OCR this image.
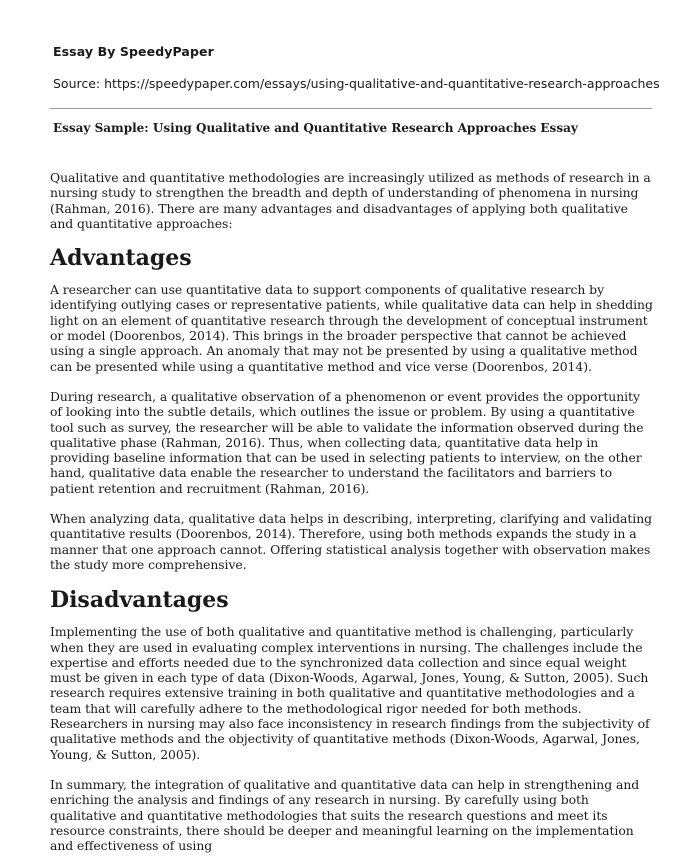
Essay By SpeedyPaper
Source: https://speedypaper.com/essays/using-qualitative-and-quantitative-research-approaches
Essay Sample: Using Qualitative and Quantitative Research Approaches Essay

Qualitative and quantitative methodologies are increasingly utilized as methods of research in a nursing study to strengthen the breadth and depth of understanding of phenomena in nursing (Rahman, 2016). There are many advantages and disadvantages of applying both qualitative and quantitative approaches:

Advantages

A researcher can use quantitative data to support components of qualitative research by identifying outlying cases or representative patients, while qualitative data can help in shedding light on an element of quantitative research through the development of conceptual instrument or model (Doorenbos, 2014). This brings in the broader perspective that cannot be achieved using a single approach. An anomaly that may not be presented by using a qualitative method can be presented while using a quantitative method and vice verse (Doorenbos, 2014).

During research, a qualitative observation of a phenomenon or event provides the opportunity of looking into the subtle details, which outlines the issue or problem. By using a quantitative tool such as survey, the researcher will be able to validate the information observed during the qualitative phase (Rahman, 2016). Thus, when collecting data, quantitative data help in providing baseline information that can be used in selecting patients to interview, on the other hand, qualitative data enable the researcher to understand the facilitators and barriers to patient retention and recruitment (Rahman, 2016).

When analyzing data, qualitative data helps in describing, interpreting, clarifying and validating quantitative results (Doorenbos, 2014). Therefore, using both methods expands the study in a manner that one approach cannot. Offering statistical analysis together with observation makes the study more comprehensive.

Disadvantages

Implementing the use of both qualitative and quantitative method is challenging, particularly when they are used in evaluating complex interventions in nursing. The challenges include the expertise and efforts needed due to the synchronized data collection and since equal weight must be given in each type of data (Dixon-Woods, Agarwal, Jones, Young, & Sutton, 2005). Such research requires extensive training in both qualitative and quantitative methodologies and a team that will carefully adhere to the methodological rigor needed for both methods. Researchers in nursing may also face inconsistency in research findings from the subjectivity of qualitative methods and the objectivity of quantitative methods (Dixon-Woods, Agarwal, Jones, Young, & Sutton, 2005).

In summary, the integration of qualitative and quantitative data can help in strengthening and enriching the analysis and findings of any research in nursing. By carefully using both qualitative and quantitative methodologies that suits the research questions and meet its resource constraints, there should be deeper and meaningful learning on the implementation and effectiveness of using
